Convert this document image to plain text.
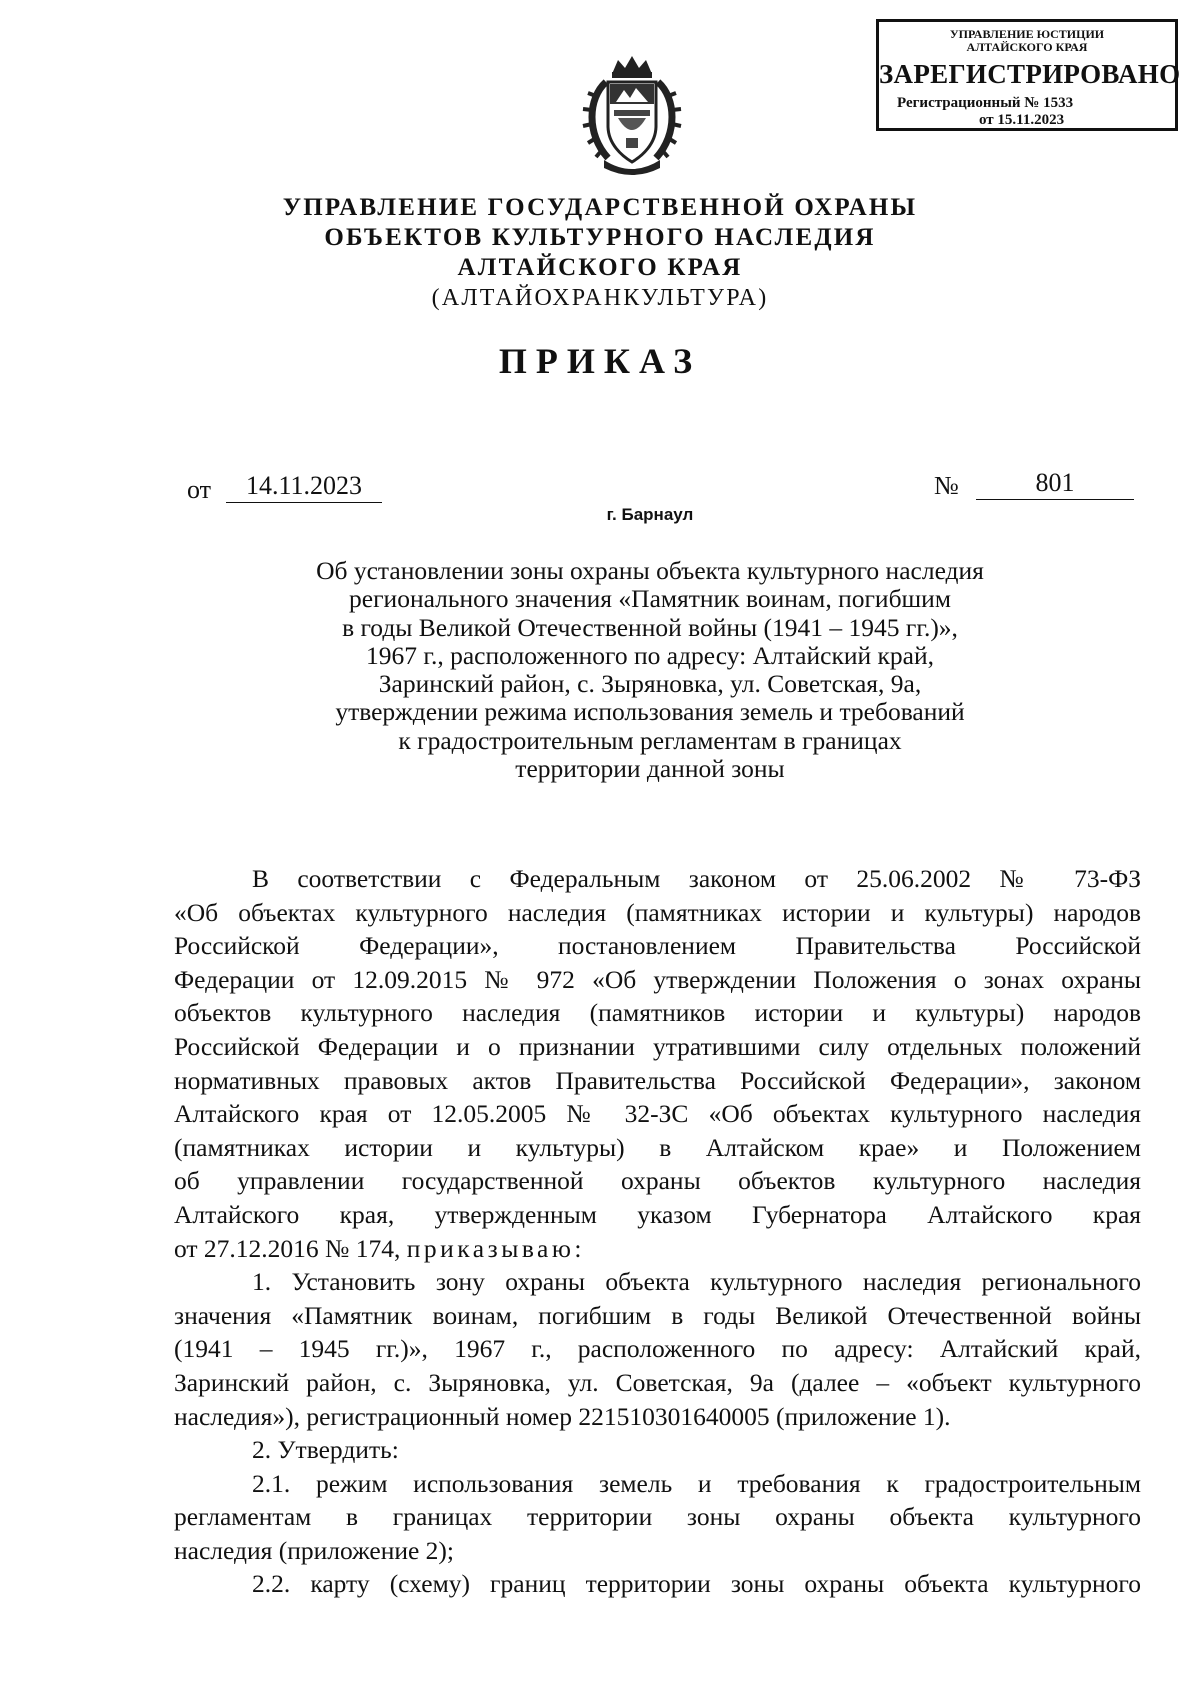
УПРАВЛЕНИЕ ЮСТИЦИИ
АЛТАЙСКОГО КРАЯ
ЗАРЕГИСТРИРОВАНО
Регистрационный № 1533
от 15.11.2023
УПРАВЛЕНИЕ ГОСУДАРСТВЕННОЙ ОХРАНЫ
ОБЪЕКТОВ КУЛЬТУРНОГО НАСЛЕДИЯ
АЛТАЙСКОГО КРАЯ
(АЛТАЙОХРАНКУЛЬТУРА)
ПРИКАЗ
от	14.11.2023	№	801
г. Барнаул
Об установлении зоны охраны объекта культурного наследия
регионального значения «Памятник воинам, погибшим
в годы Великой Отечественной войны (1941 – 1945 гг.)»,
1967 г., расположенного по адресу: Алтайский край,
Заринский район, с. Зыряновка, ул. Советская, 9а,
утверждении режима использования земель и требований
к градостроительным регламентам в границах
территории данной зоны
В соответствии с Федеральным законом от 25.06.2002 № 73-ФЗ
«Об объектах культурного наследия (памятниках истории и культуры) народов
Российской Федерации», постановлением Правительства Российской
Федерации от 12.09.2015 № 972 «Об утверждении Положения о зонах охраны
объектов культурного наследия (памятников истории и культуры) народов
Российской Федерации и о признании утратившими силу отдельных положений
нормативных правовых актов Правительства Российской Федерации», законом
Алтайского края от 12.05.2005 № 32-ЗС «Об объектах культурного наследия
(памятниках истории и культуры) в Алтайском крае» и Положением
об управлении государственной охраны объектов культурного наследия
Алтайского края, утвержденным указом Губернатора Алтайского края
от 27.12.2016 № 174, приказываю:
1. Установить зону охраны объекта культурного наследия регионального
значения «Памятник воинам, погибшим в годы Великой Отечественной войны
(1941 – 1945 гг.)», 1967 г., расположенного по адресу: Алтайский край,
Заринский район, с. Зыряновка, ул. Советская, 9а (далее – «объект культурного
наследия»), регистрационный номер 221510301640005 (приложение 1).
2. Утвердить:
2.1. режим использования земель и требования к градостроительным
регламентам в границах территории зоны охраны объекта культурного
наследия (приложение 2);
2.2. карту (схему) границ территории зоны охраны объекта культурного
